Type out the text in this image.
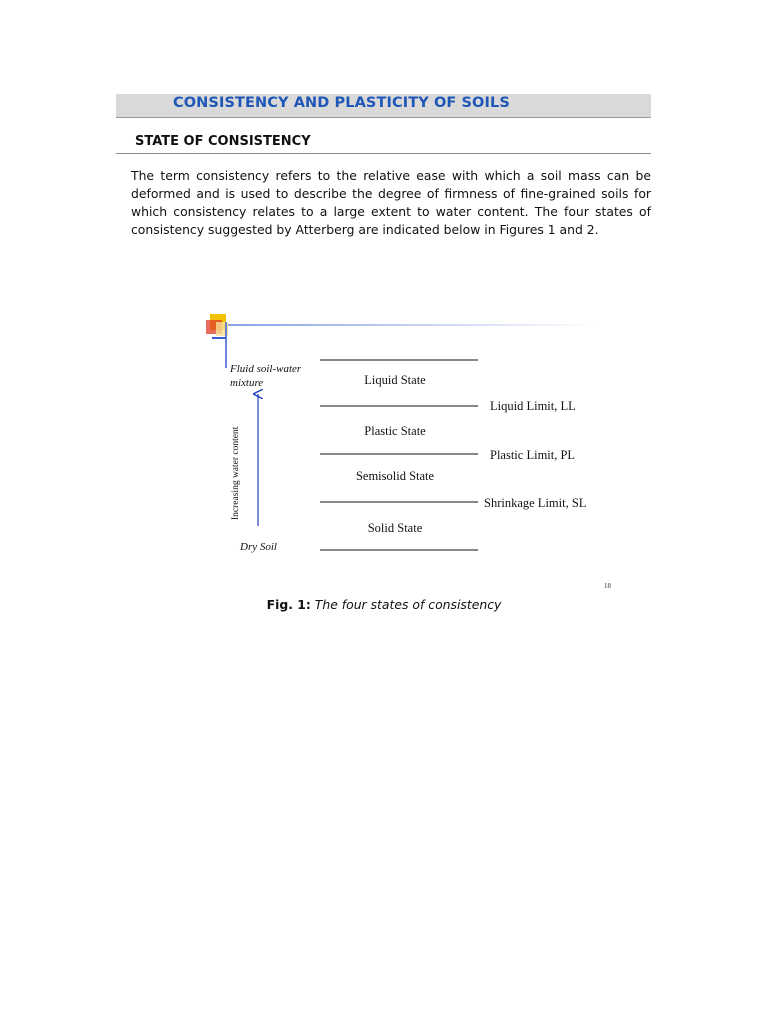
CONSISTENCY AND PLASTICITY OF SOILS
STATE OF CONSISTENCY
The term consistency refers to the relative ease with which a soil mass can be deformed and is used to describe the degree of firmness of fine-grained soils for which consistency relates to a large extent to water content. The four states of consistency suggested by Atterberg are indicated below in Figures 1 and 2.
Fluid soil-water
mixture
Dry Soil
Increasing water content
Liquid State
Plastic State
Semisolid State
Solid State
Liquid Limit, LL
Plastic Limit, PL
Shrinkage Limit, SL
18
Fig. 1: The four states of consistency
